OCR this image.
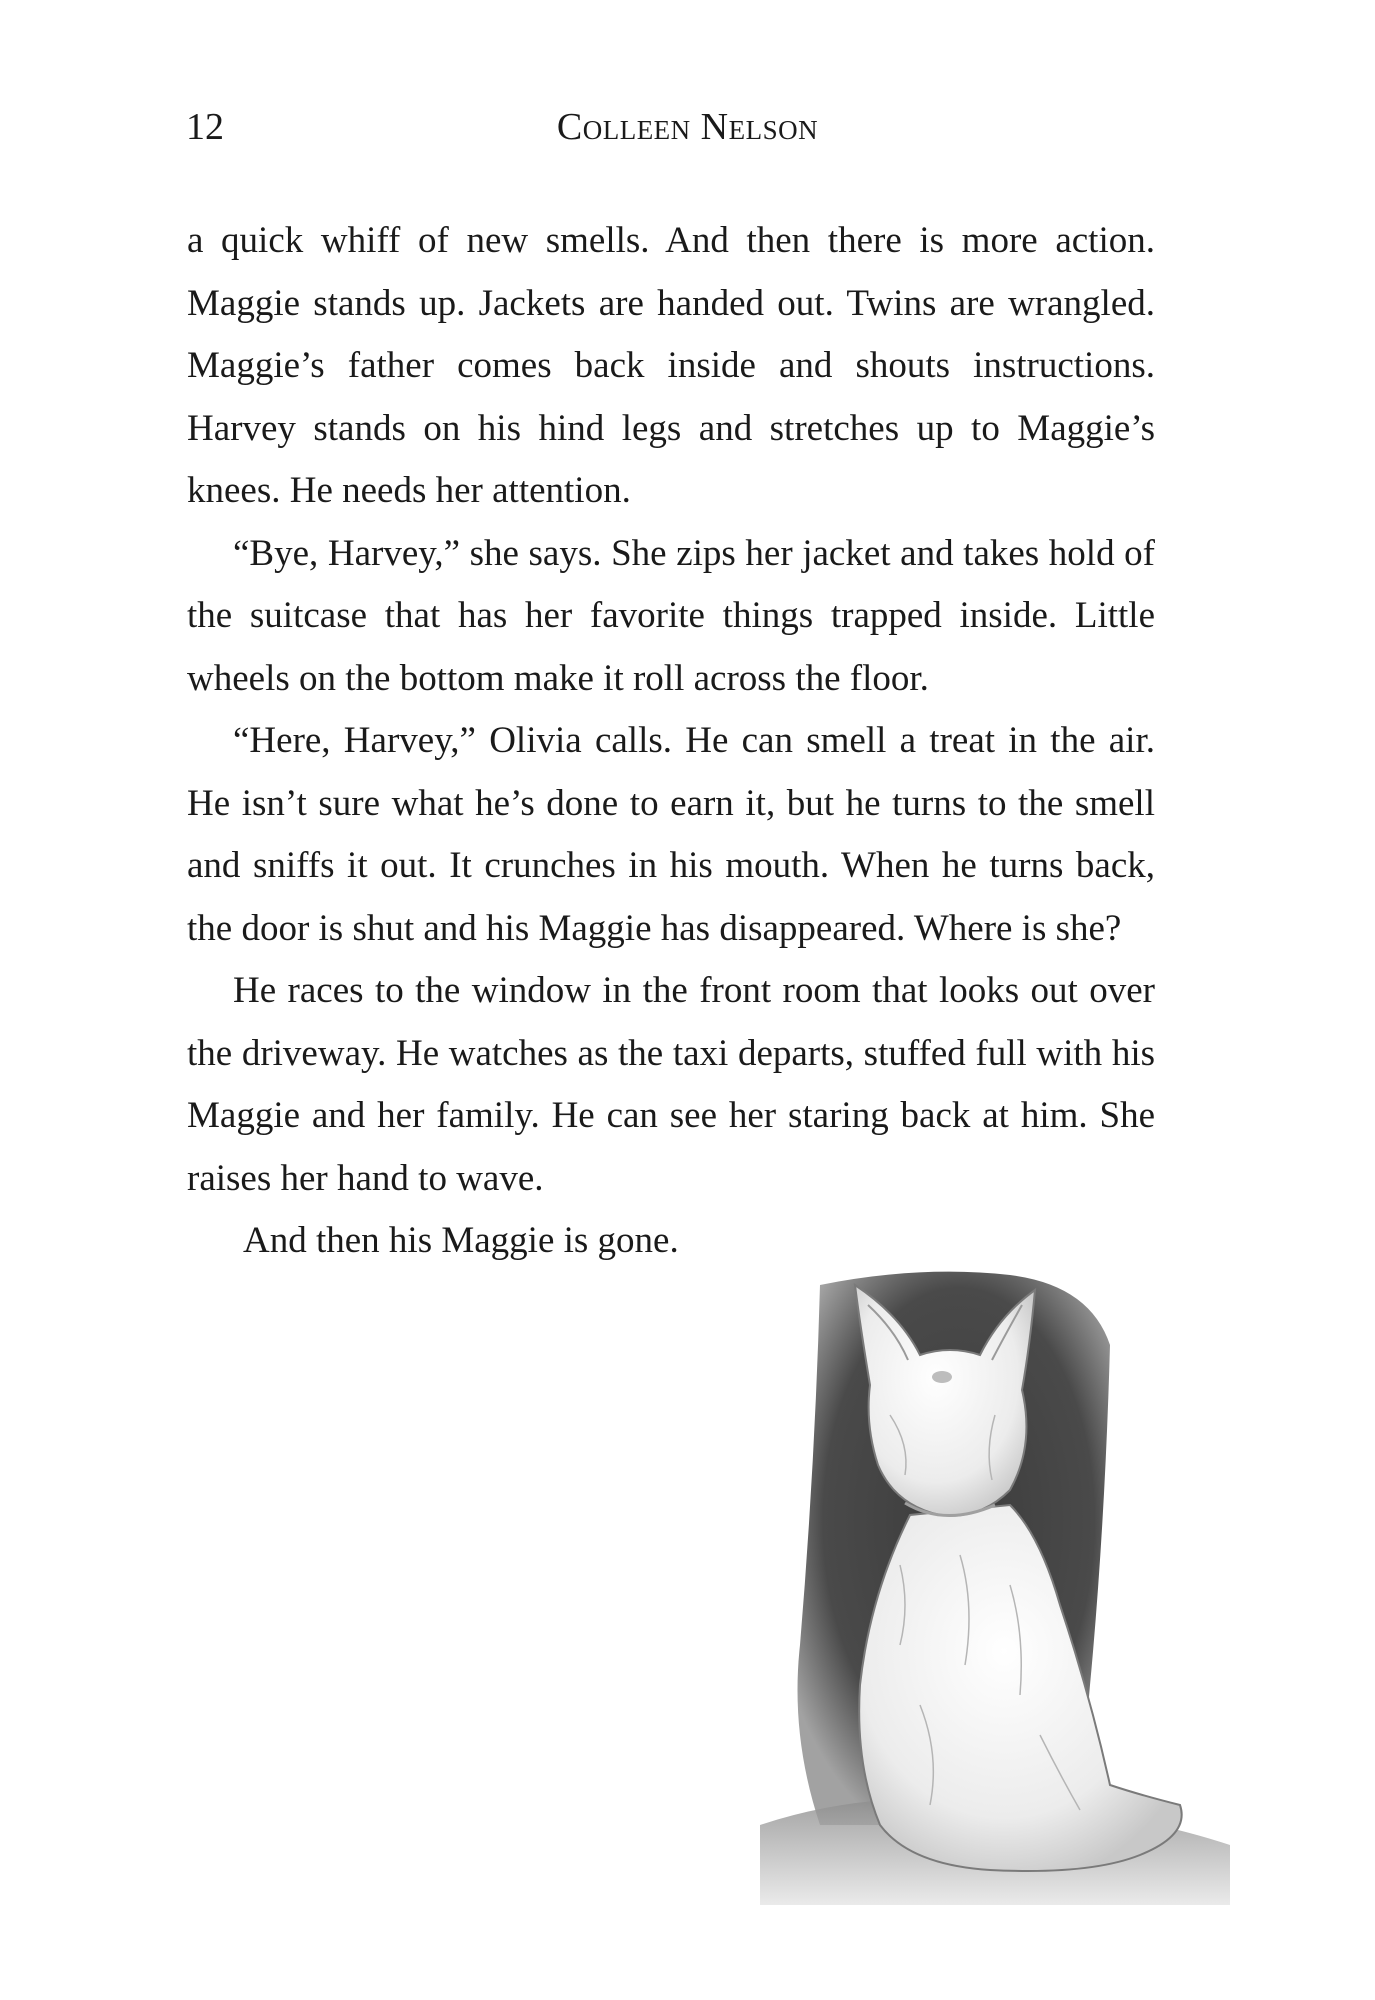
12	Colleen Nelson

a quick whiff of new smells. And then there is more action. Maggie stands up. Jackets are handed out. Twins are wrangled. Maggie’s father comes back inside and shouts instructions. Harvey stands on his hind legs and stretches up to Maggie’s knees. He needs her attention.

“Bye, Harvey,” she says. She zips her jacket and takes hold of the suitcase that has her favorite things trapped inside. Little wheels on the bottom make it roll across the floor.

“Here, Harvey,” Olivia calls. He can smell a treat in the air. He isn’t sure what he’s done to earn it, but he turns to the smell and sniffs it out. It crunches in his mouth. When he turns back, the door is shut and his Maggie has disappeared. Where is she?

He races to the window in the front room that looks out over the driveway. He watches as the taxi departs, stuffed full with his Maggie and her family. He can see her staring back at him. She raises her hand to wave.

And then his Maggie is gone.
